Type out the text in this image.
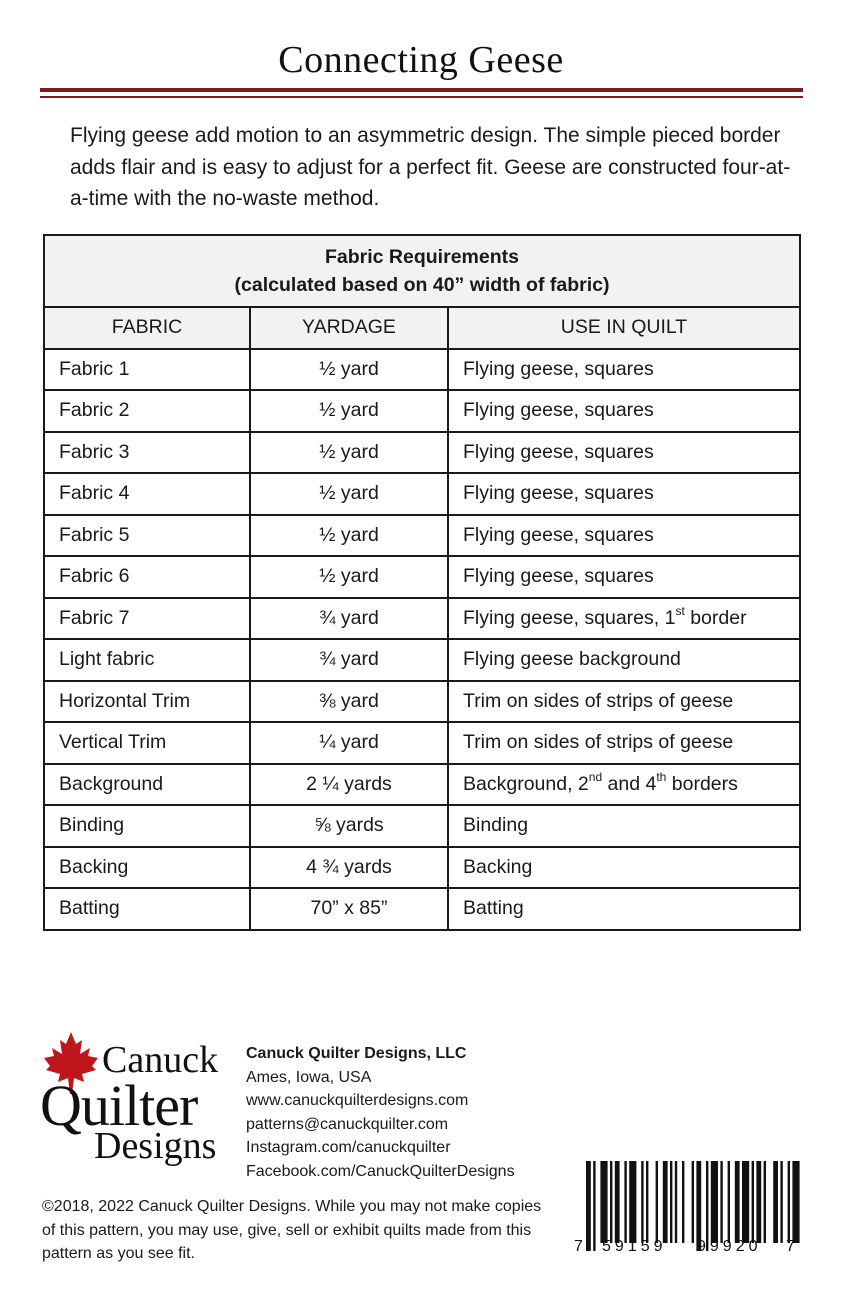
Connecting Geese
Flying geese add motion to an asymmetric design. The simple pieced border adds flair and is easy to adjust for a perfect fit. Geese are constructed four-at-a-time with the no-waste method.
Fabric Requirements
(calculated based on 40” width of fabric)		

FABRIC	YARDAGE	USE IN QUILT
Fabric 1	½ yard	Flying geese, squares
Fabric 2	½ yard	Flying geese, squares
Fabric 3	½ yard	Flying geese, squares
Fabric 4	½ yard	Flying geese, squares
Fabric 5	½ yard	Flying geese, squares
Fabric 6	½ yard	Flying geese, squares
Fabric 7	¾ yard	Flying geese, squares, 1st border
Light fabric	¾ yard	Flying geese background
Horizontal Trim	⅜ yard	Trim on sides of strips of geese
Vertical Trim	¼ yard	Trim on sides of strips of geese
Background	2 ¼ yards	Background, 2nd and 4th borders
Binding	⅝ yards	Binding
Backing	4 ¾ yards	Backing
Batting	70” x 85”	Batting
Canuck
Quilter
Designs
Canuck Quilter Designs, LLC
Ames, Iowa, USA
www.canuckquilterdesigns.com
patterns@canuckquilter.com
Instagram.com/canuckquilter
Facebook.com/CanuckQuilterDesigns
©2018, 2022 Canuck Quilter Designs. While you may not make copies of this pattern, you may use, give, sell or exhibit quilts made from this pattern as you see fit.	7 59159 99920 7
